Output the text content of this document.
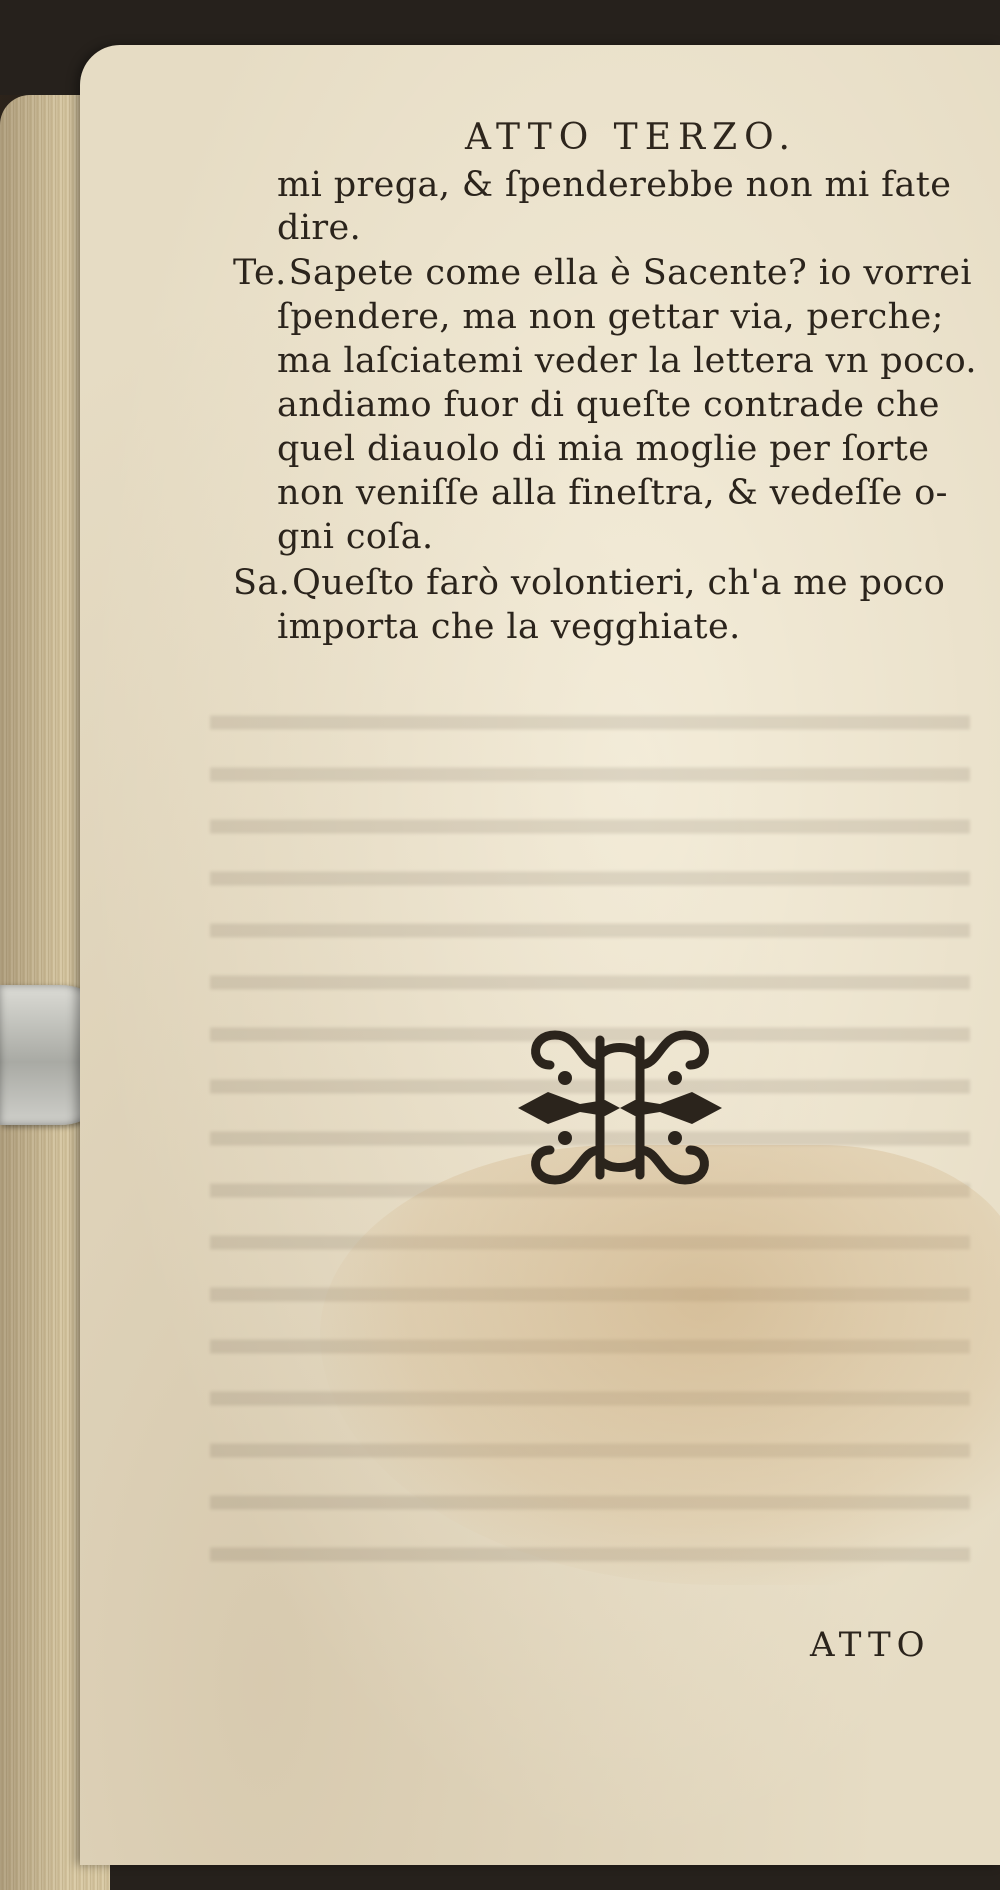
ATTO TERZO.
mi prega, & ſpenderebbe non mi fate
dire.
Te.Sapete come ella è Sacente? io vorrei
ſpendere, ma non gettar via, perche;
ma laſciatemi veder la lettera vn poco.
andiamo fuor di queſte contrade che
quel diauolo di mia moglie per ſorte
non veniſſe alla fineſtra, & vedeſſe o-
gni coſa.
Sa.Queſto farò volontieri, ch'a me poco
importa che la vegghiate.
ATTO
